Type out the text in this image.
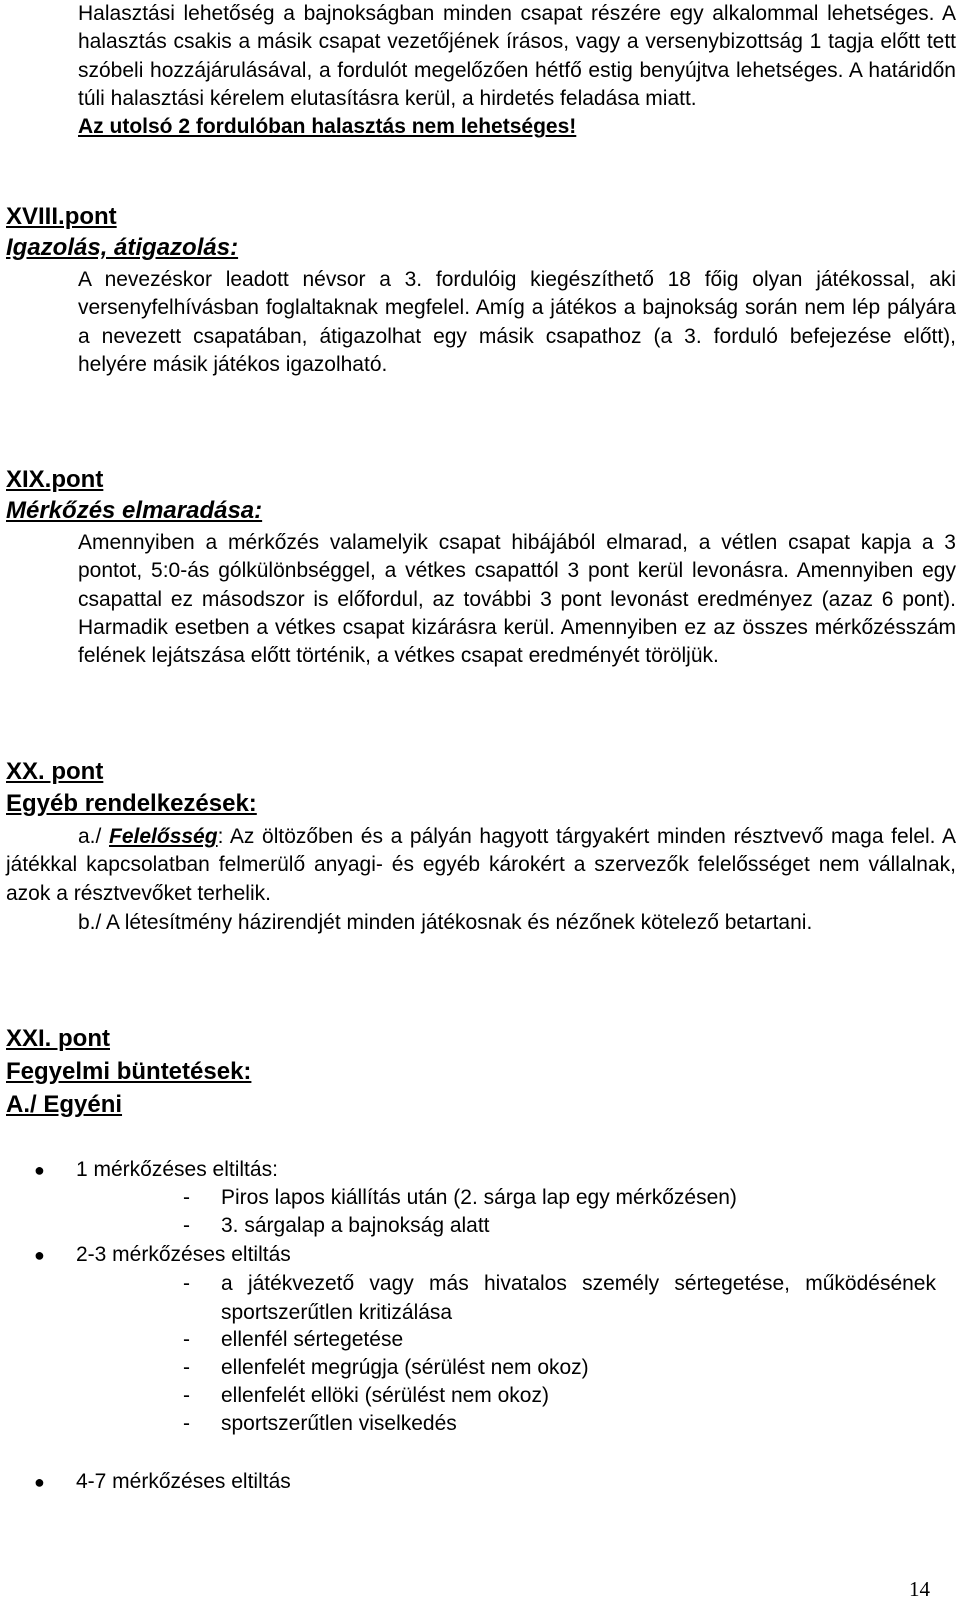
Halasztási lehetőség a bajnokságban minden csapat részére egy alkalommal lehetséges. A halasztás csakis a másik csapat vezetőjének írásos, vagy a versenybizottság 1 tagja előtt tett szóbeli hozzájárulásával, a fordulót megelőzően hétfő estig benyújtva lehetséges. A határidőn túli halasztási kérelem elutasításra kerül, a hirdetés feladása miatt.
Az utolsó 2 fordulóban halasztás nem lehetséges!

XVIII.pont
Igazolás, átigazolás:

A nevezéskor leadott névsor a 3. fordulóig kiegészíthető 18 főig olyan játékossal, aki versenyfelhívásban foglaltaknak megfelel. Amíg a játékos a bajnokság során nem lép pályára a nevezett csapatában, átigazolhat egy másik csapathoz (a 3. forduló befejezése előtt), helyére másik játékos igazolható.

XIX.pont
Mérkőzés elmaradása:

Amennyiben a mérkőzés valamelyik csapat hibájából elmarad, a vétlen csapat kapja a 3 pontot, 5:0-ás gólkülönbséggel, a vétkes csapattól 3 pont kerül levonásra. Amennyiben egy csapattal ez másodszor is előfordul, az további 3 pont levonást eredményez (azaz 6 pont). Harmadik esetben a vétkes csapat kizárásra kerül. Amennyiben ez az összes mérkőzésszám felének lejátszása előtt történik, a vétkes csapat eredményét töröljük.

XX. pont
Egyéb rendelkezések:

a./ Felelősség: Az öltözőben és a pályán hagyott tárgyakért minden résztvevő maga felel. A játékkal kapcsolatban felmerülő anyagi- és egyéb károkért a szervezők felelősséget nem vállalnak, azok a résztvevőket terhelik.

b./ A létesítmény házirendjét minden játékosnak és nézőnek kötelező betartani.

XXI. pont
Fegyelmi büntetések:
A./ Egyéni

● 1 mérkőzéses eltiltás:

- Piros lapos kiállítás után (2. sárga lap egy mérkőzésen)

- 3. sárgalap a bajnokság alatt

● 2-3 mérkőzéses eltiltás

- a játékvezető vagy más hivatalos személy sértegetése, működésének sportszerűtlen kritizálása

- ellenfél sértegetése

- ellenfelét megrúgja (sérülést nem okoz)

- ellenfelét ellöki (sérülést nem okoz)

- sportszerűtlen viselkedés

● 4-7 mérkőzéses eltiltás

14
